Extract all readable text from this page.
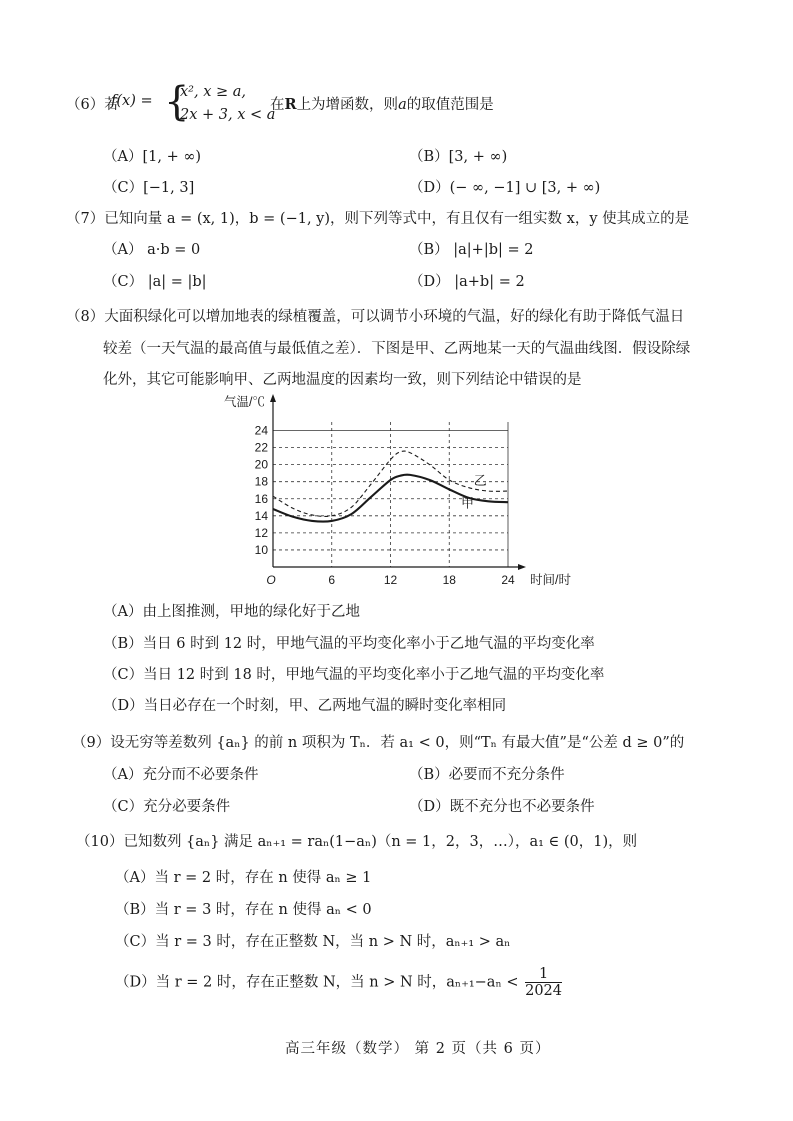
（6）若
f(x) = {
x², x ≥ a,
2x + 3, x < a
在R上为增函数，则a的取值范围是
（A）[1, + ∞)	（B）[3, + ∞)
（C）[−1, 3]	（D）(− ∞, −1] ∪ [3, + ∞)
（7）已知向量 a = (x, 1)，b = (−1, y)，则下列等式中，有且仅有一组实数 x，y 使其成立的是
（A） a·b = 0	（B） |a|+|b| = 2
（C） |a| = |b|	（D） |a+b| = 2
（8）大面积绿化可以增加地表的绿植覆盖，可以调节小环境的气温，好的绿化有助于降低气温日
较差（一天气温的最高值与最低值之差）．下图是甲、乙两地某一天的气温曲线图．假设除绿
化外，其它可能影响甲、乙两地温度的因素均一致，则下列结论中错误的是
10
12
14
16
18
20
22
24
6	12	18	24
O
气温/℃
时间/时
乙
甲
（A）由上图推测，甲地的绿化好于乙地
（B）当日 6 时到 12 时，甲地气温的平均变化率小于乙地气温的平均变化率
（C）当日 12 时到 18 时，甲地气温的平均变化率小于乙地气温的平均变化率
（D）当日必存在一个时刻，甲、乙两地气温的瞬时变化率相同
（9）设无穷等差数列 {aₙ} 的前 n 项积为 Tₙ．若 a₁ < 0，则“Tₙ 有最大值”是“公差 d ≥ 0”的
（A）充分而不必要条件	（B）必要而不充分条件
（C）充分必要条件	（D）既不充分也不必要条件
（10）已知数列 {aₙ} 满足 aₙ₊₁ = raₙ(1−aₙ)（n = 1，2，3，…），a₁ ∈ (0，1)，则
（A）当 r = 2 时，存在 n 使得 aₙ ≥ 1
（B）当 r = 3 时，存在 n 使得 aₙ < 0
（C）当 r = 3 时，存在正整数 N，当 n > N 时，aₙ₊₁ > aₙ
（D）当 r = 2 时，存在正整数 N，当 n > N 时，$a_{n+1}-a_n < \frac{1}{2024}$
高三年级（数学） 第 2 页（共 6 页）
